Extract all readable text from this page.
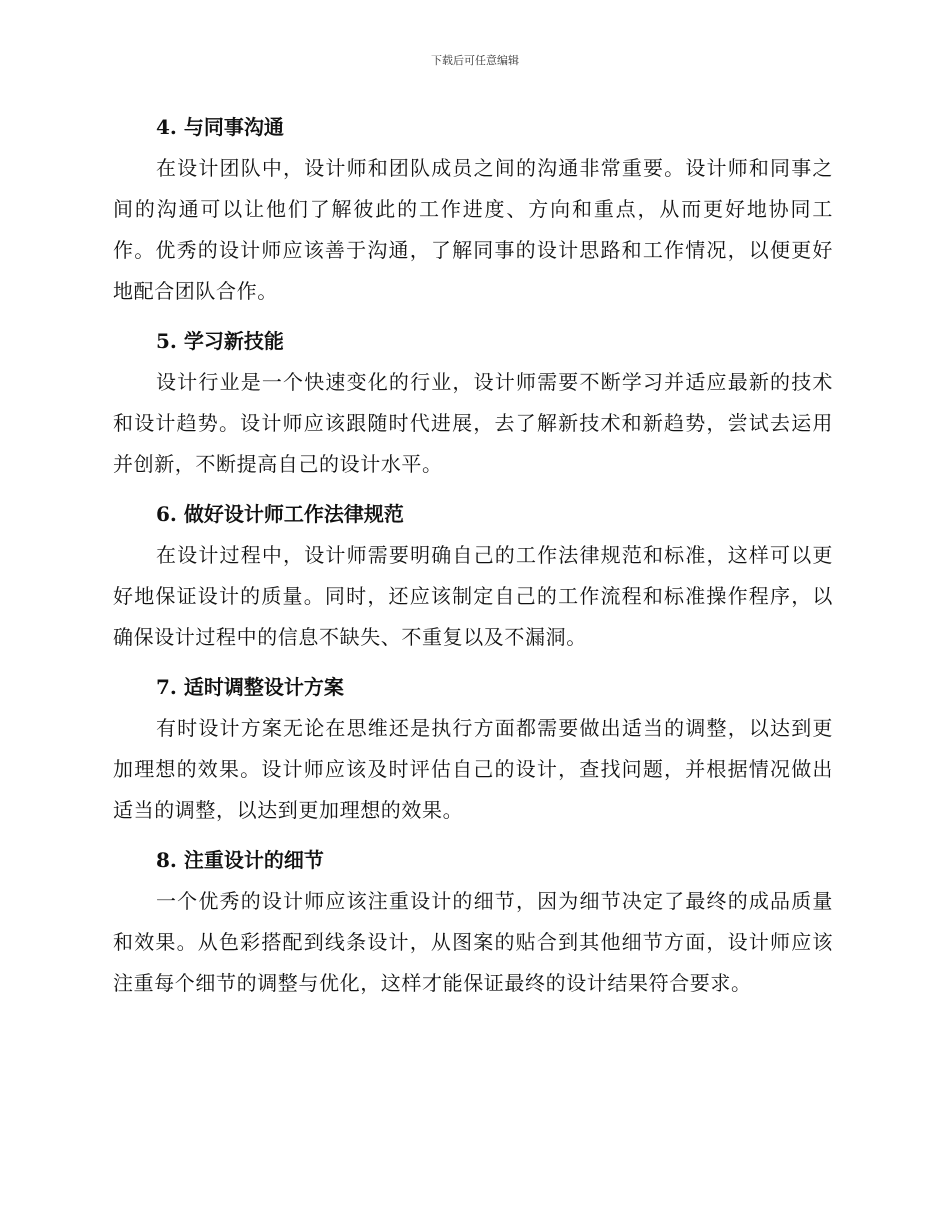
下载后可任意编辑
4. 与同事沟通

在设计团队中，设计师和团队成员之间的沟通非常重要。设计师和同事之间的沟通可以让他们了解彼此的工作进度、方向和重点，从而更好地协同工作。优秀的设计师应该善于沟通，了解同事的设计思路和工作情况，以便更好地配合团队合作。

5. 学习新技能

设计行业是一个快速变化的行业，设计师需要不断学习并适应最新的技术和设计趋势。设计师应该跟随时代进展，去了解新技术和新趋势，尝试去运用并创新，不断提高自己的设计水平。

6. 做好设计师工作法律规范

在设计过程中，设计师需要明确自己的工作法律规范和标准，这样可以更好地保证设计的质量。同时，还应该制定自己的工作流程和标准操作程序，以确保设计过程中的信息不缺失、不重复以及不漏洞。

7. 适时调整设计方案

有时设计方案无论在思维还是执行方面都需要做出适当的调整，以达到更加理想的效果。设计师应该及时评估自己的设计，查找问题，并根据情况做出适当的调整，以达到更加理想的效果。

8. 注重设计的细节

一个优秀的设计师应该注重设计的细节，因为细节决定了最终的成品质量和效果。从色彩搭配到线条设计，从图案的贴合到其他细节方面，设计师应该注重每个细节的调整与优化，这样才能保证最终的设计结果符合要求。
